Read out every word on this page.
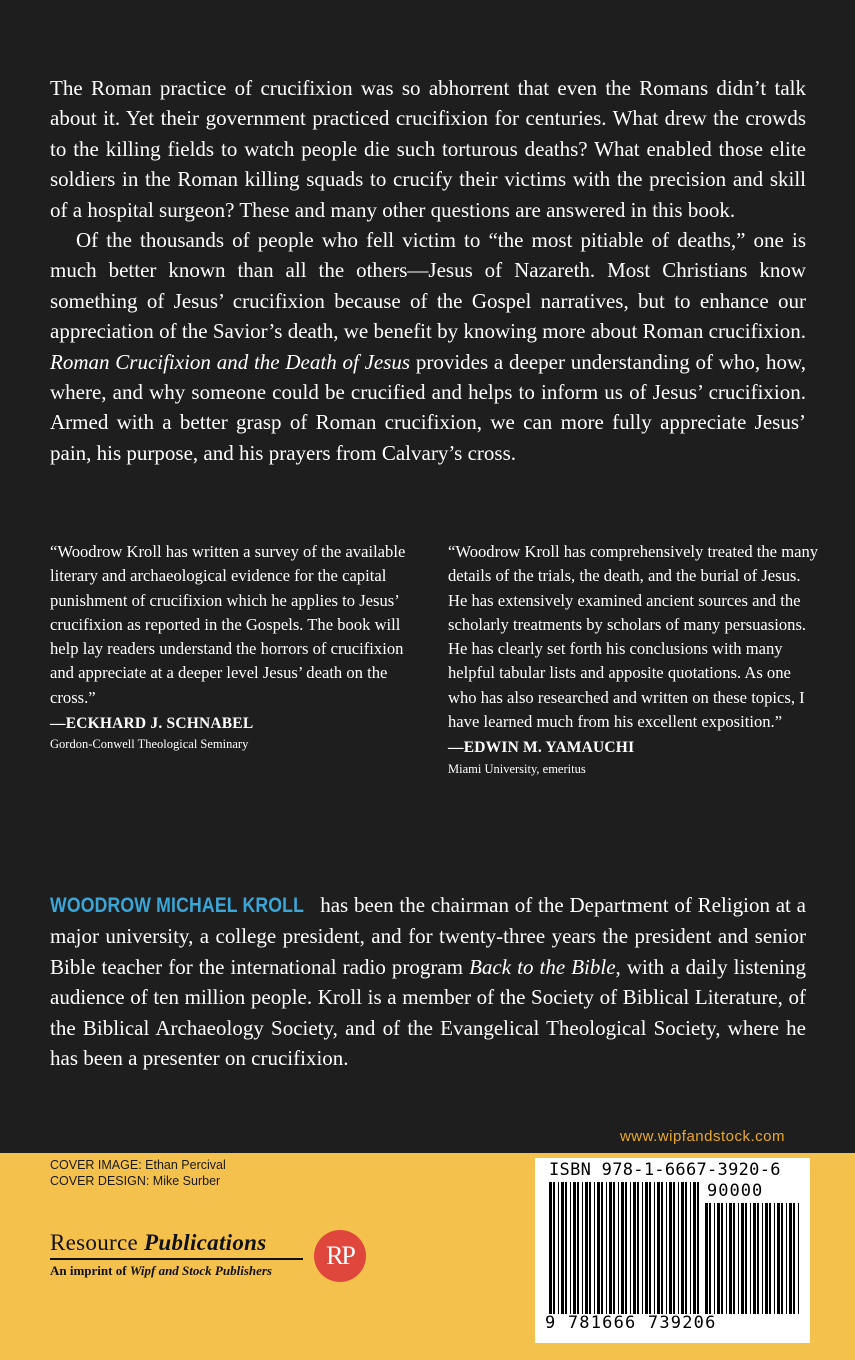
The Roman practice of crucifixion was so abhorrent that even the Romans didn’t talk about it. Yet their government practiced crucifixion for centuries. What drew the crowds to the killing fields to watch people die such torturous deaths? What enabled those elite soldiers in the Roman killing squads to crucify their victims with the precision and skill of a hospital surgeon? These and many other questions are answered in this book.

Of the thousands of people who fell victim to “the most pitiable of deaths,” one is much better known than all the others—Jesus of Nazareth. Most Christians know something of Jesus’ crucifixion because of the Gospel narratives, but to enhance our appreciation of the Savior’s death, we benefit by knowing more about Roman crucifixion. Roman Crucifixion and the Death of Jesus provides a deeper understanding of who, how, where, and why someone could be crucified and helps to inform us of Jesus’ crucifixion. Armed with a better grasp of Roman crucifixion, we can more fully appreciate Jesus’ pain, his purpose, and his prayers from Calvary’s cross.

“Woodrow Kroll has written a survey of the available literary and archaeological evidence for the capital punishment of crucifixion which he applies to Jesus’ crucifixion as reported in the Gospels. The book will help lay readers understand the horrors of crucifixion and appreciate at a deeper level Jesus’ death on the cross.”
—ECKHARD J. SCHNABEL
Gordon-Conwell Theological Seminary
“Woodrow Kroll has comprehensively treated the many details of the trials, the death, and the burial of Jesus. He has extensively examined ancient sources and the scholarly treatments by scholars of many persuasions. He has clearly set forth his conclusions with many helpful tabular lists and apposite quotations. As one who has also researched and written on these topics, I have learned much from his excellent exposition.”
—EDWIN M. YAMAUCHI
Miami University, emeritus
WOODROW MICHAEL KROLL has been the chairman of the Department of Religion at a major university, a college president, and for twenty-three years the president and senior Bible teacher for the international radio program Back to the Bible, with a daily listening audience of ten million people. Kroll is a member of the Society of Biblical Literature, of the Biblical Archaeology Society, and of the Evangelical Theological Society, where he has been a presenter on crucifixion.
www.wipfandstock.com
COVER IMAGE: Ethan Percival
COVER DESIGN: Mike Surber
Resource Publications
An imprint of Wipf and Stock Publishers	RP
ISBN 978-1-6667-3920-6
90000
9 781666 739206
